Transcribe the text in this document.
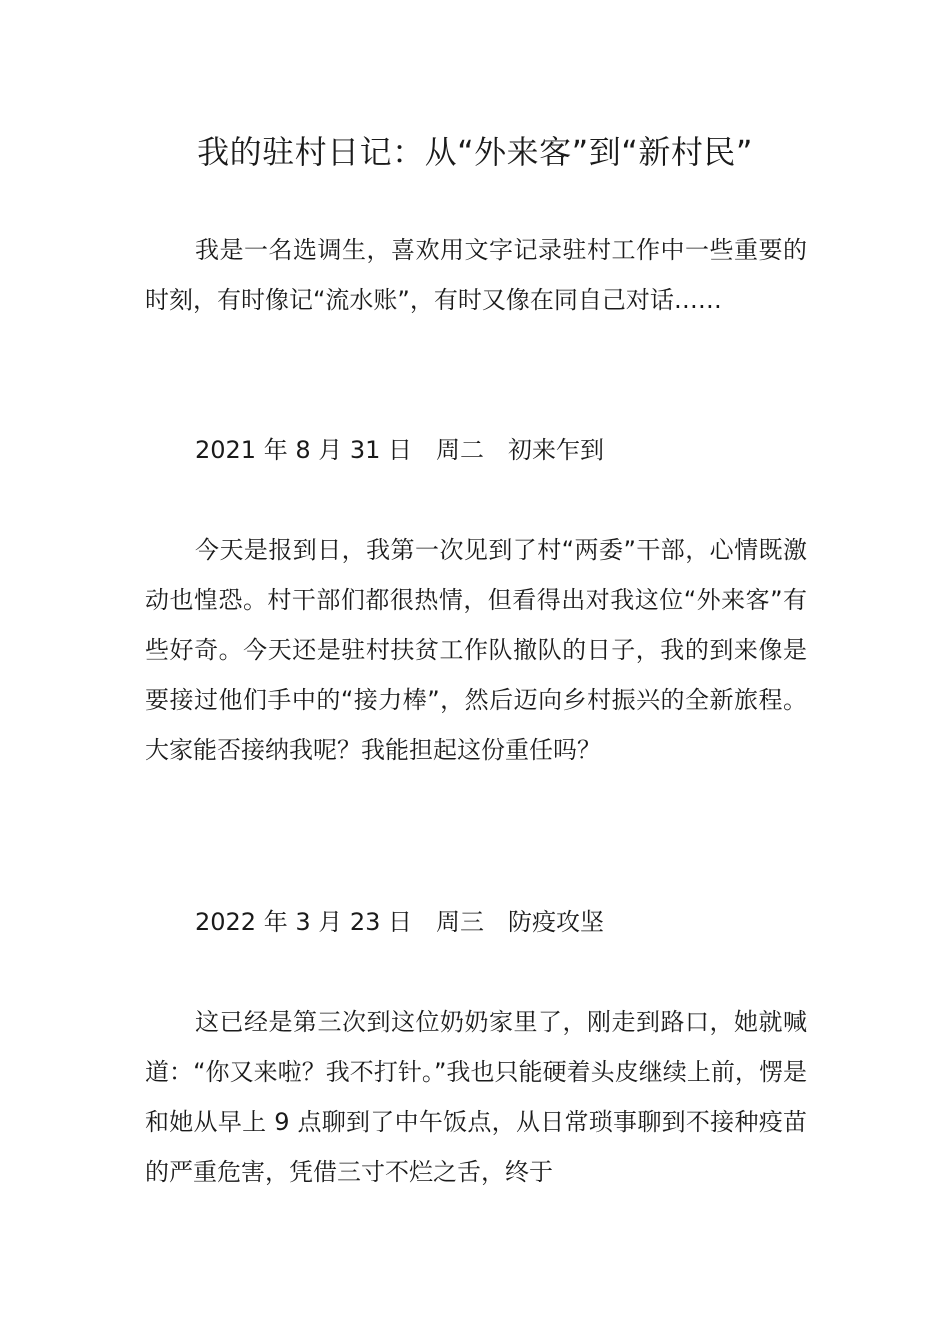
我的驻村日记：从“外来客”到“新村民”

我是一名选调生，喜欢用文字记录驻村工作中一些重要的时刻，有时像记“流水账”，有时又像在同自己对话……

2021 年 8 月 31 日　周二　初来乍到

今天是报到日，我第一次见到了村“两委”干部，心情既激动也惶恐。村干部们都很热情，但看得出对我这位“外来客”有些好奇。今天还是驻村扶贫工作队撤队的日子，我的到来像是要接过他们手中的“接力棒”，然后迈向乡村振兴的全新旅程。大家能否接纳我呢？我能担起这份重任吗？

2022 年 3 月 23 日　周三　防疫攻坚

这已经是第三次到这位奶奶家里了，刚走到路口，她就喊道：“你又来啦？我不打针。”我也只能硬着头皮继续上前，愣是和她从早上 9 点聊到了中午饭点，从日常琐事聊到不接种疫苗的严重危害，凭借三寸不烂之舌，终于
